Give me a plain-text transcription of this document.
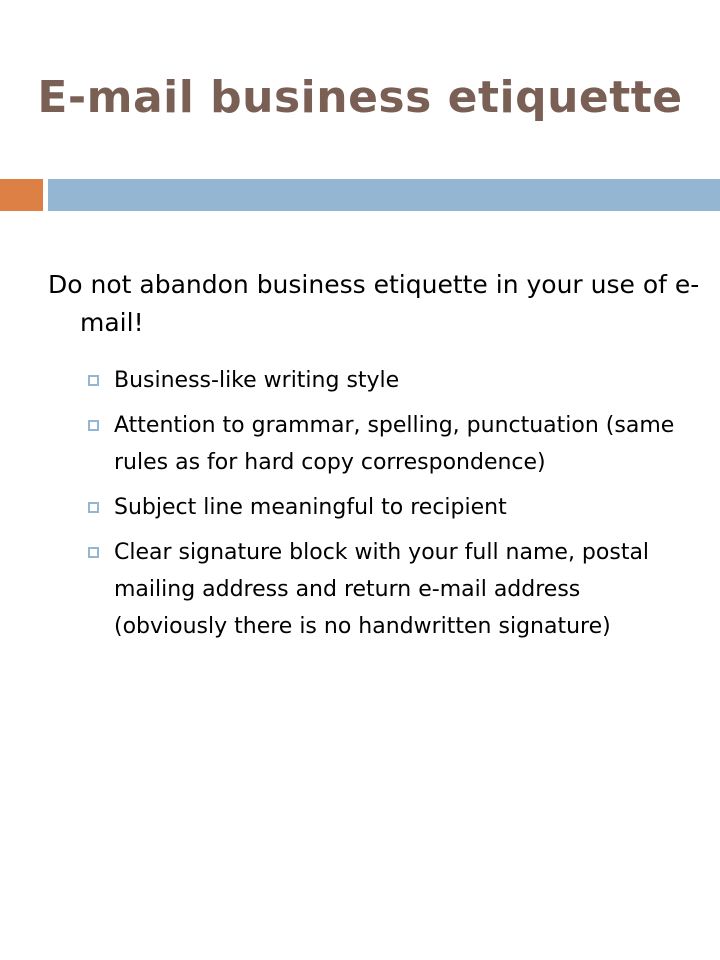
E-mail business etiquette
Do not abandon business etiquette in your use of e-mail!
Business-like writing style
Attention to grammar, spelling, punctuation (same rules as for hard copy correspondence)
Subject line meaningful to recipient
Clear signature block with your full name, postal mailing address and return e-mail address (obviously there is no handwritten signature)
